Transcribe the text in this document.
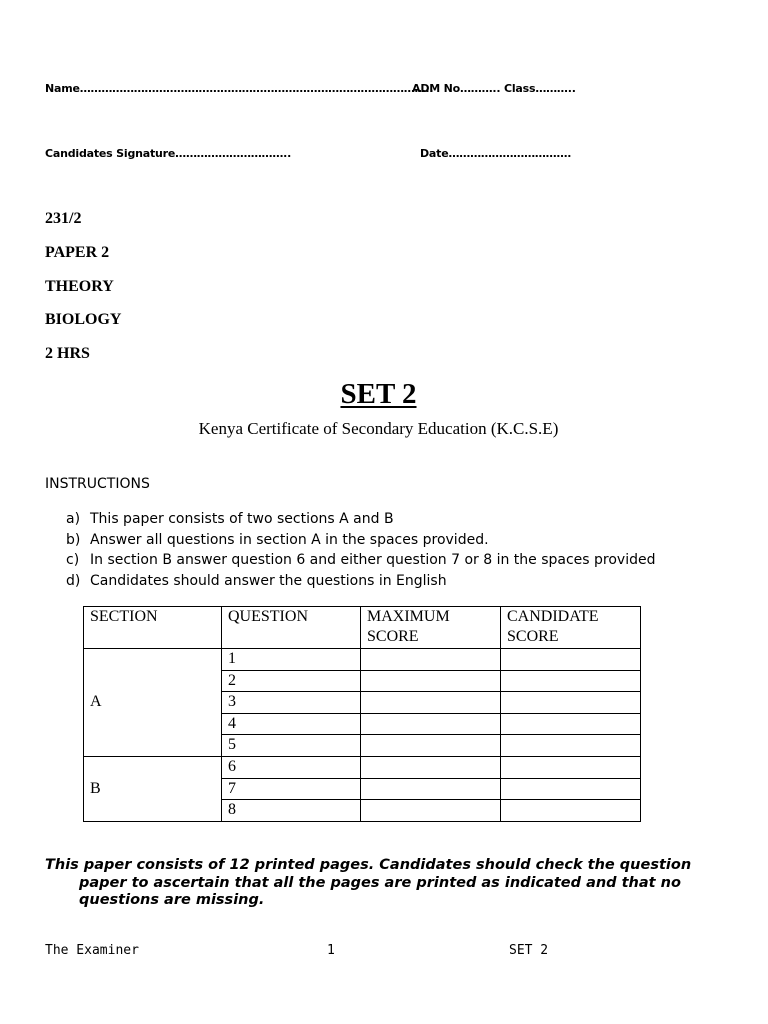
Name……………………………………………………………………………………..
ADM No……….. Class………..
Candidates Signature…………………………..	Date…………………………….
231/2
PAPER 2
THEORY
BIOLOGY
2 HRS
SET 2
Kenya Certificate of Secondary Education (K.C.S.E)
INSTRUCTIONS
a) This paper consists of two sections A and B
b) Answer all questions in section A in the spaces provided.
c) In section B answer question 6 and either question 7 or 8 in the spaces provided
d) Candidates should answer the questions in English
SECTION	QUESTION	MAXIMUM SCORE	CANDIDATE SCORE
A	1		
	2		
	3		
	4		
	5		
B	6		
	7		
	8		
This paper consists of 12 printed pages. Candidates should check the question paper to ascertain that all the pages are printed as indicated and that no questions are missing.
The Examiner	1	SET 2
